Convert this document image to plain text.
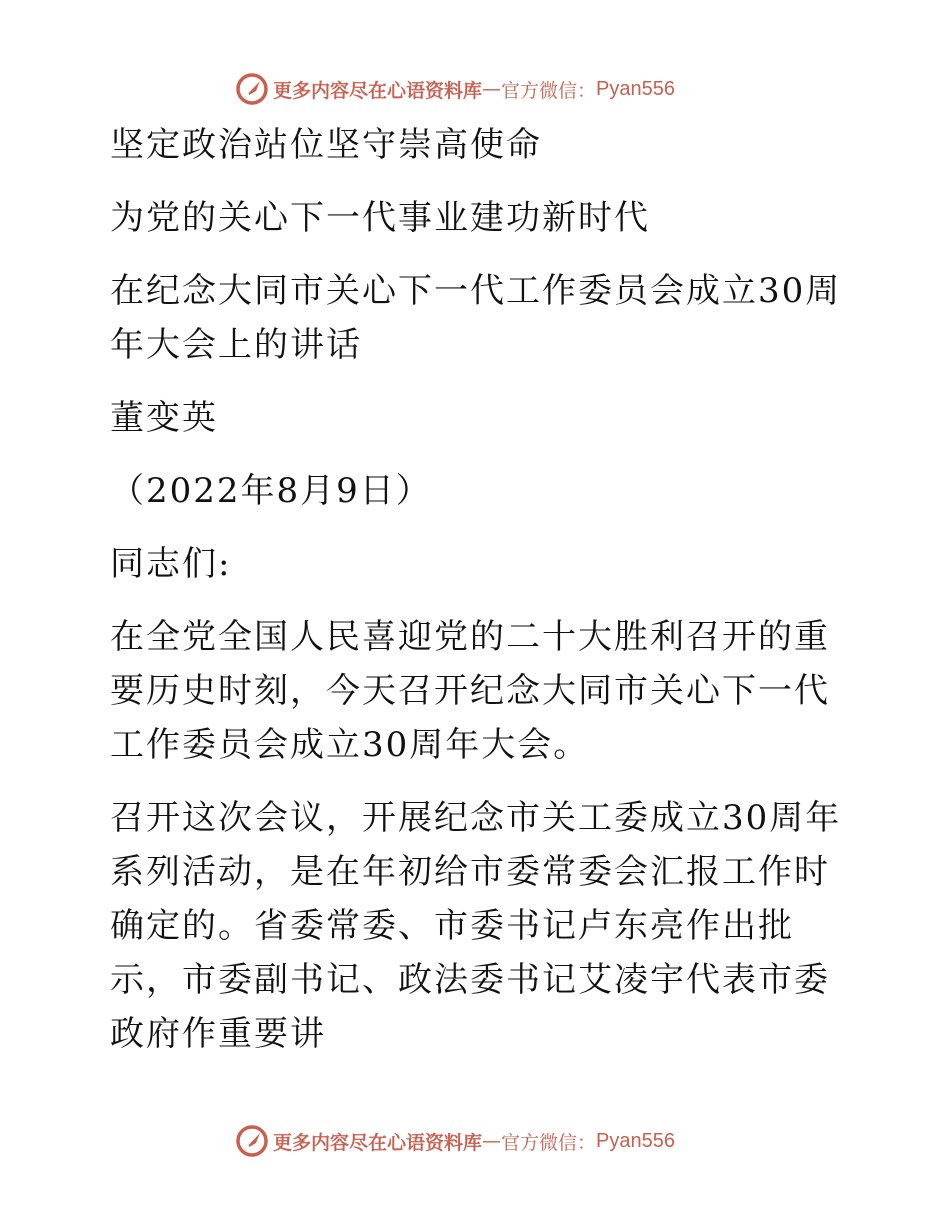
更多内容尽在心语资料库 — 官方微信： Pyan556

坚定政治站位坚守崇高使命

为党的关心下一代事业建功新时代

在纪念大同市关心下一代工作委员会成立30周年大会上的讲话

董变英

（2022年8月9日）

同志们:

在全党全国人民喜迎党的二十大胜利召开的重要历史时刻，今天召开纪念大同市关心下一代工作委员会成立30周年大会。

召开这次会议，开展纪念市关工委成立30周年系列活动，是在年初给市委常委会汇报工作时确定的。省委常委、市委书记卢东亮作出批示，市委副书记、政法委书记艾凌宇代表市委政府作重要讲

更多内容尽在心语资料库 — 官方微信： Pyan556
